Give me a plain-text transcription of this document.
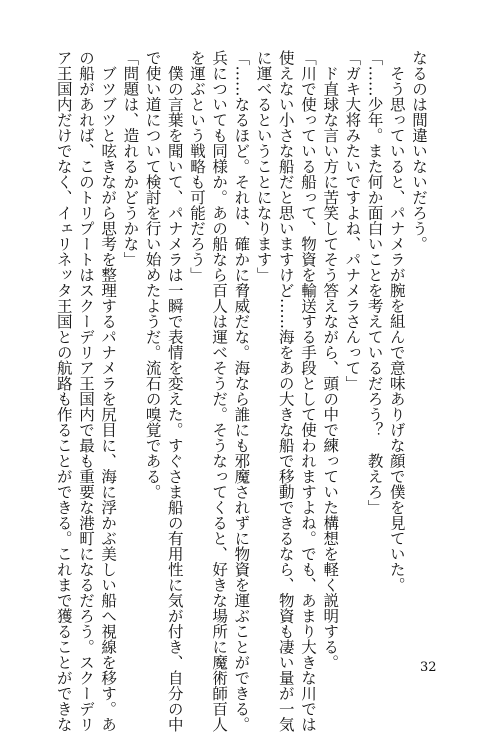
なるのは間違いないだろう。

　そう思っていると、パナメラが腕を組んで意味ありげな顔で僕を見ていた。

「……少年。また何か面白いことを考えているだろう？　教えろ」

「ガキ大将みたいですよね、パナメラさんって」

　ド直球な言い方に苦笑してそう答えながら、頭の中で練っていた構想を軽く説明する。

「川で使っている船って、物資を輸送する手段として使われますよね。でも、あまり大きな川では

使えない小さな船だと思いますけど……海をあの大きな船で移動できるなら、物資も凄い量が一気

に運べるということになります」

「……なるほど。それは、確かに脅威だな。海なら誰にも邪魔されずに物資を運ぶことができる。

兵についても同様か。あの船なら百人は運べそうだ。そうなってくると、好きな場所に魔術師百人

を運ぶという戦略も可能だろう」

　僕の言葉を聞いて、パナメラは一瞬で表情を変えた。すぐさま船の有用性に気が付き、自分の中

で使い道について検討を行い始めたようだ。流石の嗅覚である。

「問題は、造れるかどうかな」

　ブツブツと呟きながら思考を整理するパナメラを尻目に、海に浮かぶ美しい船へ視線を移す。あ

の船があれば、このトリプートはスクーデリア王国内で最も重要な港町になるだろう。スクーデリ

ア王国内だけでなく、イェリネッタ王国との航路も作ることができる。これまで獲ることができな	32
